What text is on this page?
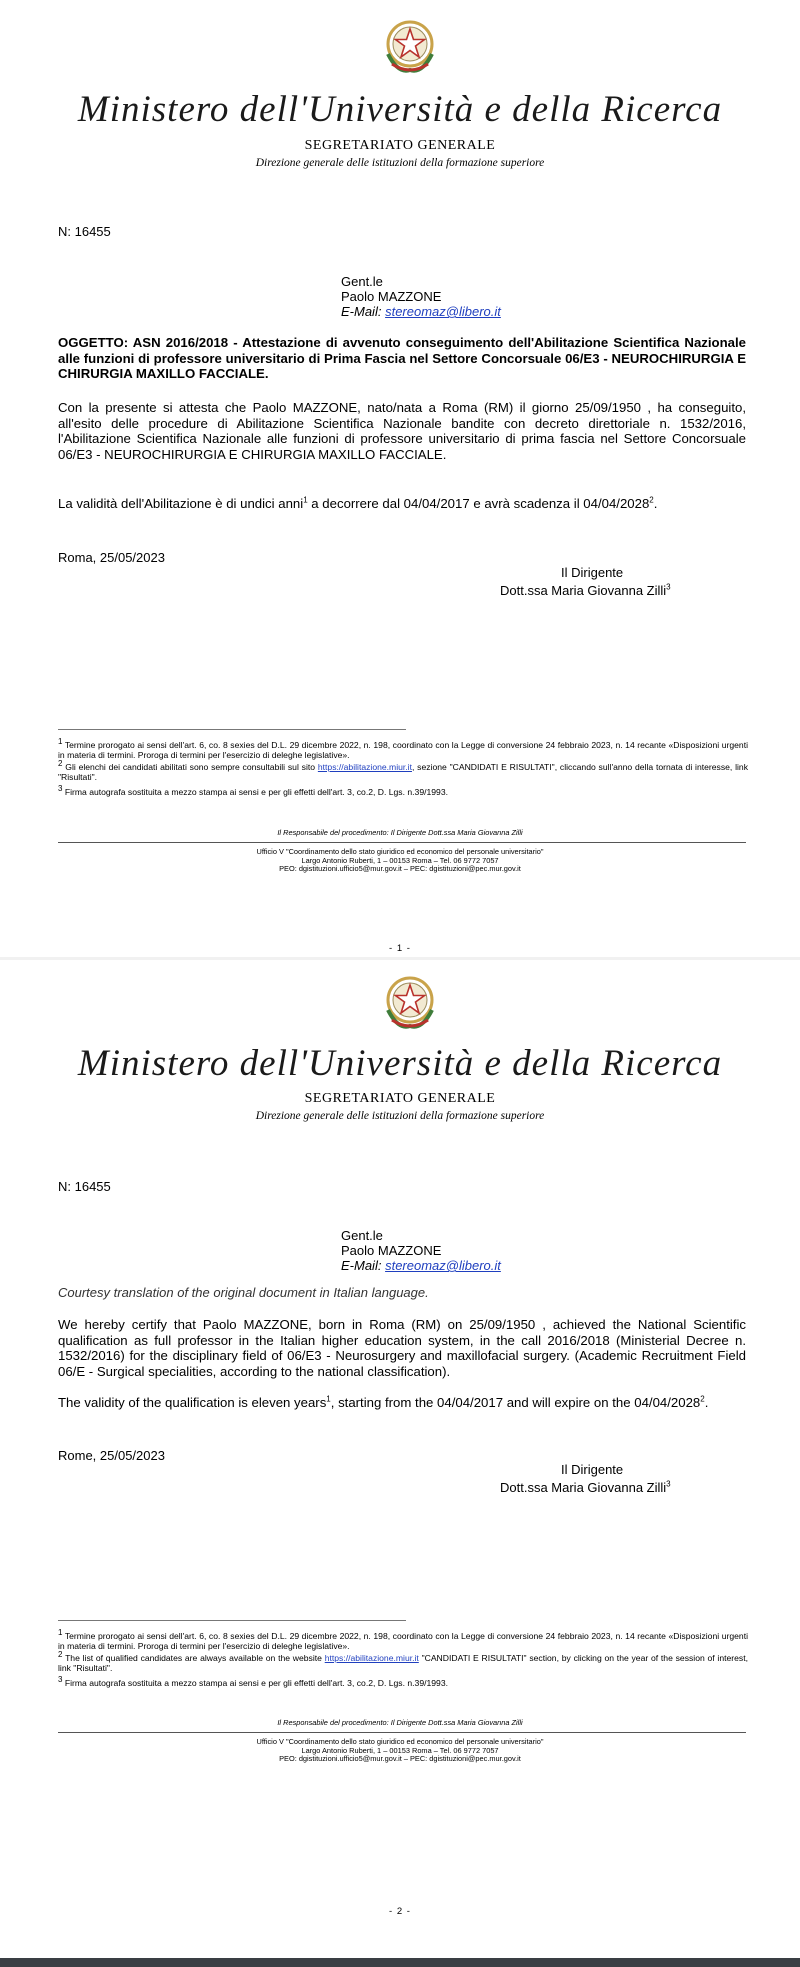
Ministero dell'Università e della Ricerca
SEGRETARIATO GENERALE
Direzione generale delle istituzioni della formazione superiore
N: 16455
Gent.le
Paolo MAZZONE
E-Mail: stereomaz@libero.it

OGGETTO: ASN 2016/2018 - Attestazione di avvenuto conseguimento dell'Abilitazione Scientifica Nazionale alle funzioni di professore universitario di Prima Fascia nel Settore Concorsuale 06/E3 - NEUROCHIRURGIA E CHIRURGIA MAXILLO FACCIALE.

Con la presente si attesta che Paolo MAZZONE, nato/nata a Roma (RM) il giorno 25/09/1950 , ha conseguito, all'esito delle procedure di Abilitazione Scientifica Nazionale bandite con decreto direttoriale n. 1532/2016, l'Abilitazione Scientifica Nazionale alle funzioni di professore universitario di prima fascia nel Settore Concorsuale 06/E3 - NEUROCHIRURGIA E CHIRURGIA MAXILLO FACCIALE.

La validità dell'Abilitazione è di undici anni$^1$ a decorrere dal 04/04/2017 e avrà scadenza il 04/04/2028$^2$.

Roma, 25/05/2023
Il Dirigente
Dott.ssa Maria Giovanna Zilli$^3$

$^1$ Termine prorogato ai sensi dell'art. 6, co. 8 sexies del D.L. 29 dicembre 2022, n. 198, coordinato con la Legge di conversione 24 febbraio 2023, n. 14 recante «Disposizioni urgenti in materia di termini. Proroga di termini per l'esercizio di deleghe legislative».

$^2$ Gli elenchi dei candidati abilitati sono sempre consultabili sul sito https://abilitazione.miur.it, sezione "CANDIDATI E RISULTATI", cliccando sull'anno della tornata di interesse, link "Risultati".

$^3$ Firma autografa sostituita a mezzo stampa ai sensi e per gli effetti dell'art. 3, co.2, D. Lgs. n.39/1993.

Il Responsabile del procedimento: Il Dirigente Dott.ssa Maria Giovanna Zilli
Ufficio V "Coordinamento dello stato giuridico ed economico del personale universitario"
Largo Antonio Ruberti, 1 – 00153 Roma – Tel. 06 9772 7057
PEO: dgistituzioni.ufficio5@mur.gov.it – PEC: dgistituzioni@pec.mur.gov.it
- 1 -
Ministero dell'Università e della Ricerca
SEGRETARIATO GENERALE
Direzione generale delle istituzioni della formazione superiore
N: 16455
Gent.le
Paolo MAZZONE
E-Mail: stereomaz@libero.it
Courtesy translation of the original document in Italian language.

We hereby certify that Paolo MAZZONE, born in Roma (RM) on 25/09/1950 , achieved the National Scientific qualification as full professor in the Italian higher education system, in the call 2016/2018 (Ministerial Decree n. 1532/2016) for the disciplinary field of 06/E3 - Neurosurgery and maxillofacial surgery. (Academic Recruitment Field 06/E - Surgical specialities, according to the national classification).

The validity of the qualification is eleven years$^1$, starting from the 04/04/2017 and will expire on the 04/04/2028$^2$.

Rome, 25/05/2023
Il Dirigente
Dott.ssa Maria Giovanna Zilli$^3$

$^1$ Termine prorogato ai sensi dell'art. 6, co. 8 sexies del D.L. 29 dicembre 2022, n. 198, coordinato con la Legge di conversione 24 febbraio 2023, n. 14 recante «Disposizioni urgenti in materia di termini. Proroga di termini per l'esercizio di deleghe legislative».

$^2$ The list of qualified candidates are always available on the website https://abilitazione.miur.it "CANDIDATI E RISULTATI" section, by clicking on the year of the session of interest, link "Risultati".

$^3$ Firma autografa sostituita a mezzo stampa ai sensi e per gli effetti dell'art. 3, co.2, D. Lgs. n.39/1993.

Il Responsabile del procedimento: Il Dirigente Dott.ssa Maria Giovanna Zilli
Ufficio V "Coordinamento dello stato giuridico ed economico del personale universitario"
Largo Antonio Ruberti, 1 – 00153 Roma – Tel. 06 9772 7057
PEO: dgistituzioni.ufficio5@mur.gov.it – PEC: dgistituzioni@pec.mur.gov.it
- 2 -
